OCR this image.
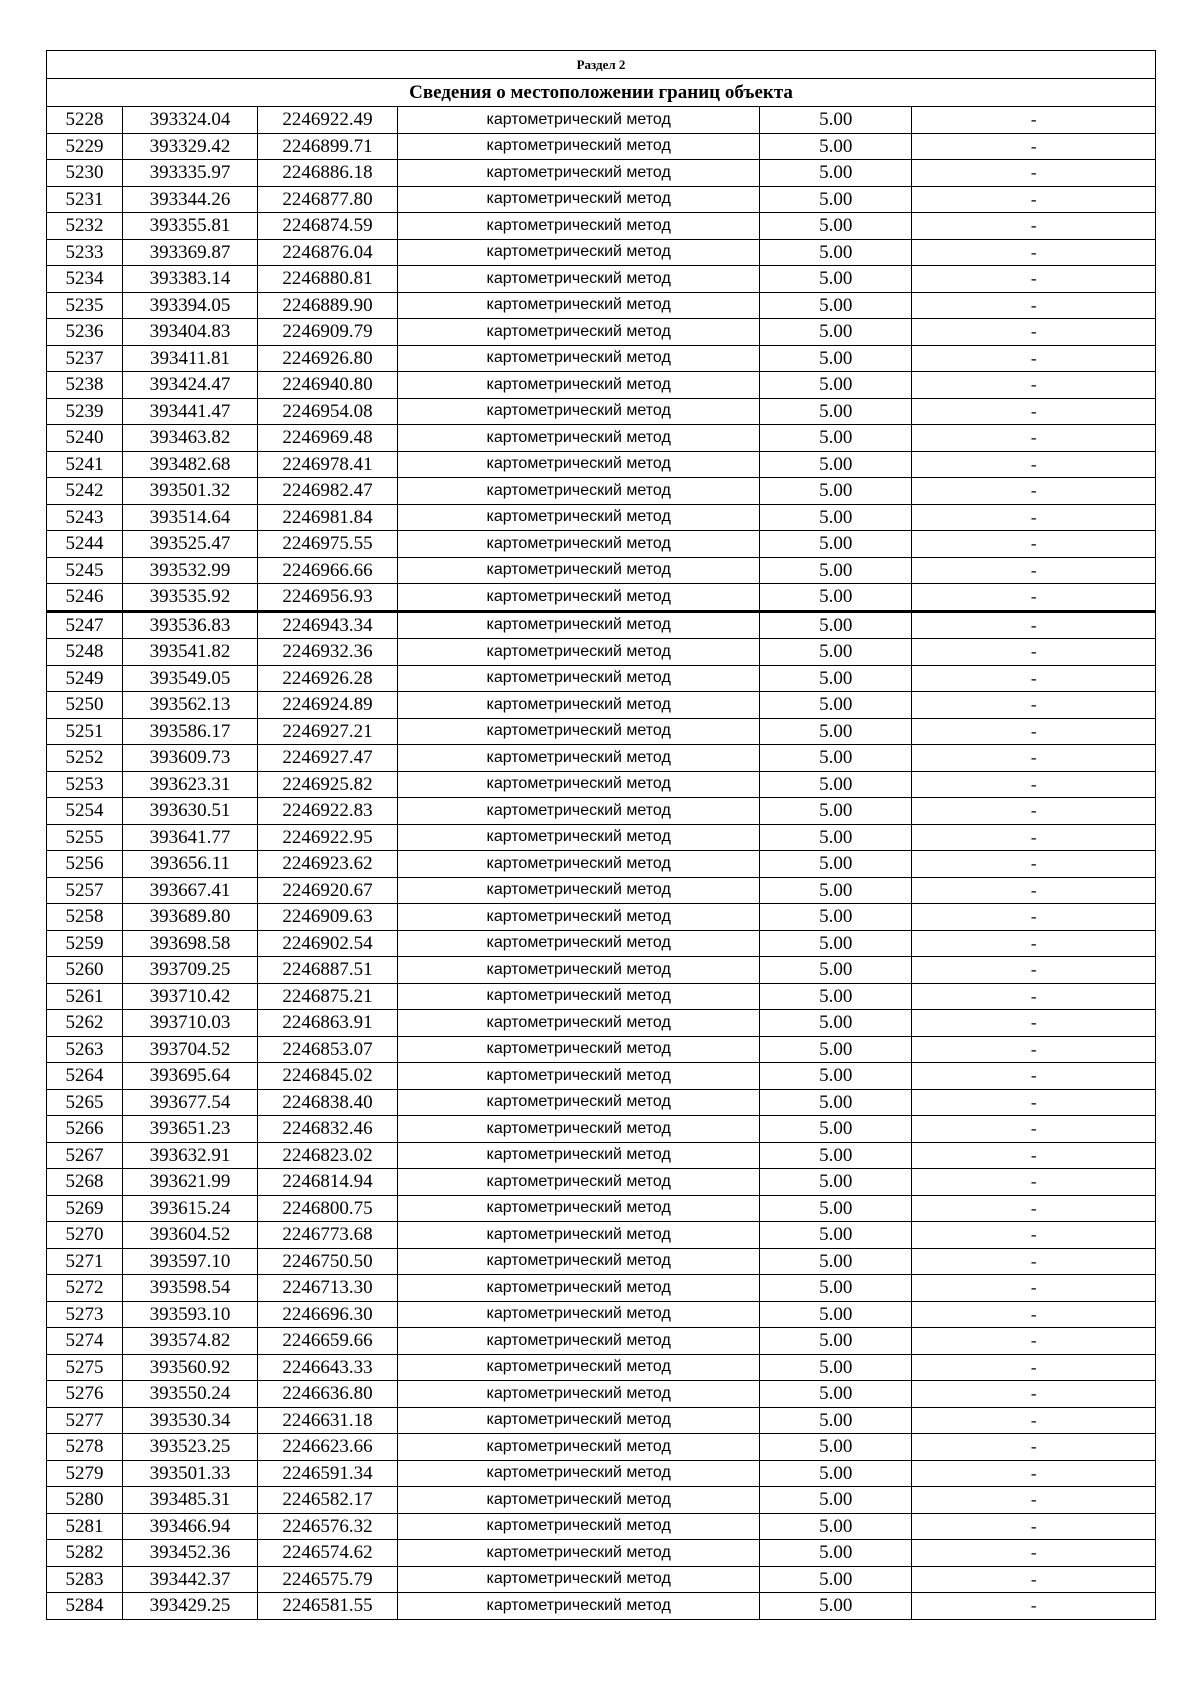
Раздел 2					
Сведения о местоположении границ объекта					
5228	393324.04	2246922.49	картометрический метод	5.00	-
5229	393329.42	2246899.71	картометрический метод	5.00	-
5230	393335.97	2246886.18	картометрический метод	5.00	-
5231	393344.26	2246877.80	картометрический метод	5.00	-
5232	393355.81	2246874.59	картометрический метод	5.00	-
5233	393369.87	2246876.04	картометрический метод	5.00	-
5234	393383.14	2246880.81	картометрический метод	5.00	-
5235	393394.05	2246889.90	картометрический метод	5.00	-
5236	393404.83	2246909.79	картометрический метод	5.00	-
5237	393411.81	2246926.80	картометрический метод	5.00	-
5238	393424.47	2246940.80	картометрический метод	5.00	-
5239	393441.47	2246954.08	картометрический метод	5.00	-
5240	393463.82	2246969.48	картометрический метод	5.00	-
5241	393482.68	2246978.41	картометрический метод	5.00	-
5242	393501.32	2246982.47	картометрический метод	5.00	-
5243	393514.64	2246981.84	картометрический метод	5.00	-
5244	393525.47	2246975.55	картометрический метод	5.00	-
5245	393532.99	2246966.66	картометрический метод	5.00	-
5246	393535.92	2246956.93	картометрический метод	5.00	-
5247	393536.83	2246943.34	картометрический метод	5.00	-
5248	393541.82	2246932.36	картометрический метод	5.00	-
5249	393549.05	2246926.28	картометрический метод	5.00	-
5250	393562.13	2246924.89	картометрический метод	5.00	-
5251	393586.17	2246927.21	картометрический метод	5.00	-
5252	393609.73	2246927.47	картометрический метод	5.00	-
5253	393623.31	2246925.82	картометрический метод	5.00	-
5254	393630.51	2246922.83	картометрический метод	5.00	-
5255	393641.77	2246922.95	картометрический метод	5.00	-
5256	393656.11	2246923.62	картометрический метод	5.00	-
5257	393667.41	2246920.67	картометрический метод	5.00	-
5258	393689.80	2246909.63	картометрический метод	5.00	-
5259	393698.58	2246902.54	картометрический метод	5.00	-
5260	393709.25	2246887.51	картометрический метод	5.00	-
5261	393710.42	2246875.21	картометрический метод	5.00	-
5262	393710.03	2246863.91	картометрический метод	5.00	-
5263	393704.52	2246853.07	картометрический метод	5.00	-
5264	393695.64	2246845.02	картометрический метод	5.00	-
5265	393677.54	2246838.40	картометрический метод	5.00	-
5266	393651.23	2246832.46	картометрический метод	5.00	-
5267	393632.91	2246823.02	картометрический метод	5.00	-
5268	393621.99	2246814.94	картометрический метод	5.00	-
5269	393615.24	2246800.75	картометрический метод	5.00	-
5270	393604.52	2246773.68	картометрический метод	5.00	-
5271	393597.10	2246750.50	картометрический метод	5.00	-
5272	393598.54	2246713.30	картометрический метод	5.00	-
5273	393593.10	2246696.30	картометрический метод	5.00	-
5274	393574.82	2246659.66	картометрический метод	5.00	-
5275	393560.92	2246643.33	картометрический метод	5.00	-
5276	393550.24	2246636.80	картометрический метод	5.00	-
5277	393530.34	2246631.18	картометрический метод	5.00	-
5278	393523.25	2246623.66	картометрический метод	5.00	-
5279	393501.33	2246591.34	картометрический метод	5.00	-
5280	393485.31	2246582.17	картометрический метод	5.00	-
5281	393466.94	2246576.32	картометрический метод	5.00	-
5282	393452.36	2246574.62	картометрический метод	5.00	-
5283	393442.37	2246575.79	картометрический метод	5.00	-
5284	393429.25	2246581.55	картометрический метод	5.00	-
